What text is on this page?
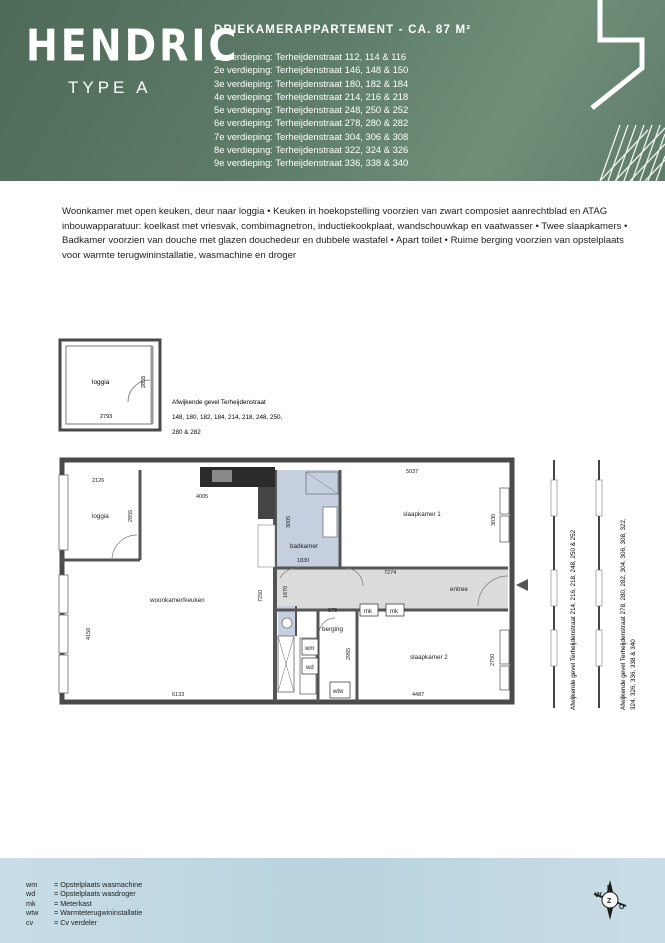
HENDRIC
TYPE A
DRIEKAMERAPPARTEMENT - CA. 87 M²
1e verdieping: Terheijdenstraat 112, 114 & 116
2e verdieping: Terheijdenstraat 146, 148 & 150
3e verdieping: Terheijdenstraat 180, 182 & 184
4e verdieping: Terheijdenstraat 214, 216 & 218
5e verdieping: Terheijdenstraat 248, 250 & 252
6e verdieping: Terheijdenstraat 278, 280 & 282
7e verdieping: Terheijdenstraat 304, 306 & 308
8e verdieping: Terheijdenstraat 322, 324 & 326
9e verdieping: Terheijdenstraat 336, 338 & 340
Woonkamer met open keuken, deur naar loggia • Keuken in hoekopstelling voorzien van zwart composiet aanrechtblad en ATAG inbouwapparatuur: koelkast met vriesvak, combimagnetron, inductiekookplaat, wandschouwkap en vaatwasser • Twee slaapkamers • Badkamer voorzien van douche met glazen douchedeur en dubbele wastafel • Apart toilet • Ruime berging voorzien van opstelplaats voor warmte terugwininstallatie, wasmachine en droger
loggia
2793
2855
Afwijkende gevel Terheijdenstraat
148, 180, 182, 184, 214, 218, 248, 250,
280 & 282
loggia
woonkamer/keuken
badkamer
slaapkamer 1
slaapkamer 2
entree
berging
wm
wd
wtw
mk	mk
2126
2855
4005
3005
1830
5037
3030
7274
7250	1670
975
2965
4150
6133
2750
4487	Afwijkende gevel Terheijdenstraat 214, 216, 218, 248, 250 & 252	Afwijkende gevel Terheijdenstraat 278, 280, 282, 304, 306, 308, 322, 324, 326, 336, 338 & 340
wm	= Opstelplaats wasmachine
wd	= Opstelplaats wasdroger
mk	= Meterkast
wtw	= Warmteterugwininstallatie
cv	= Cv verdeler
N
O
Z
W
